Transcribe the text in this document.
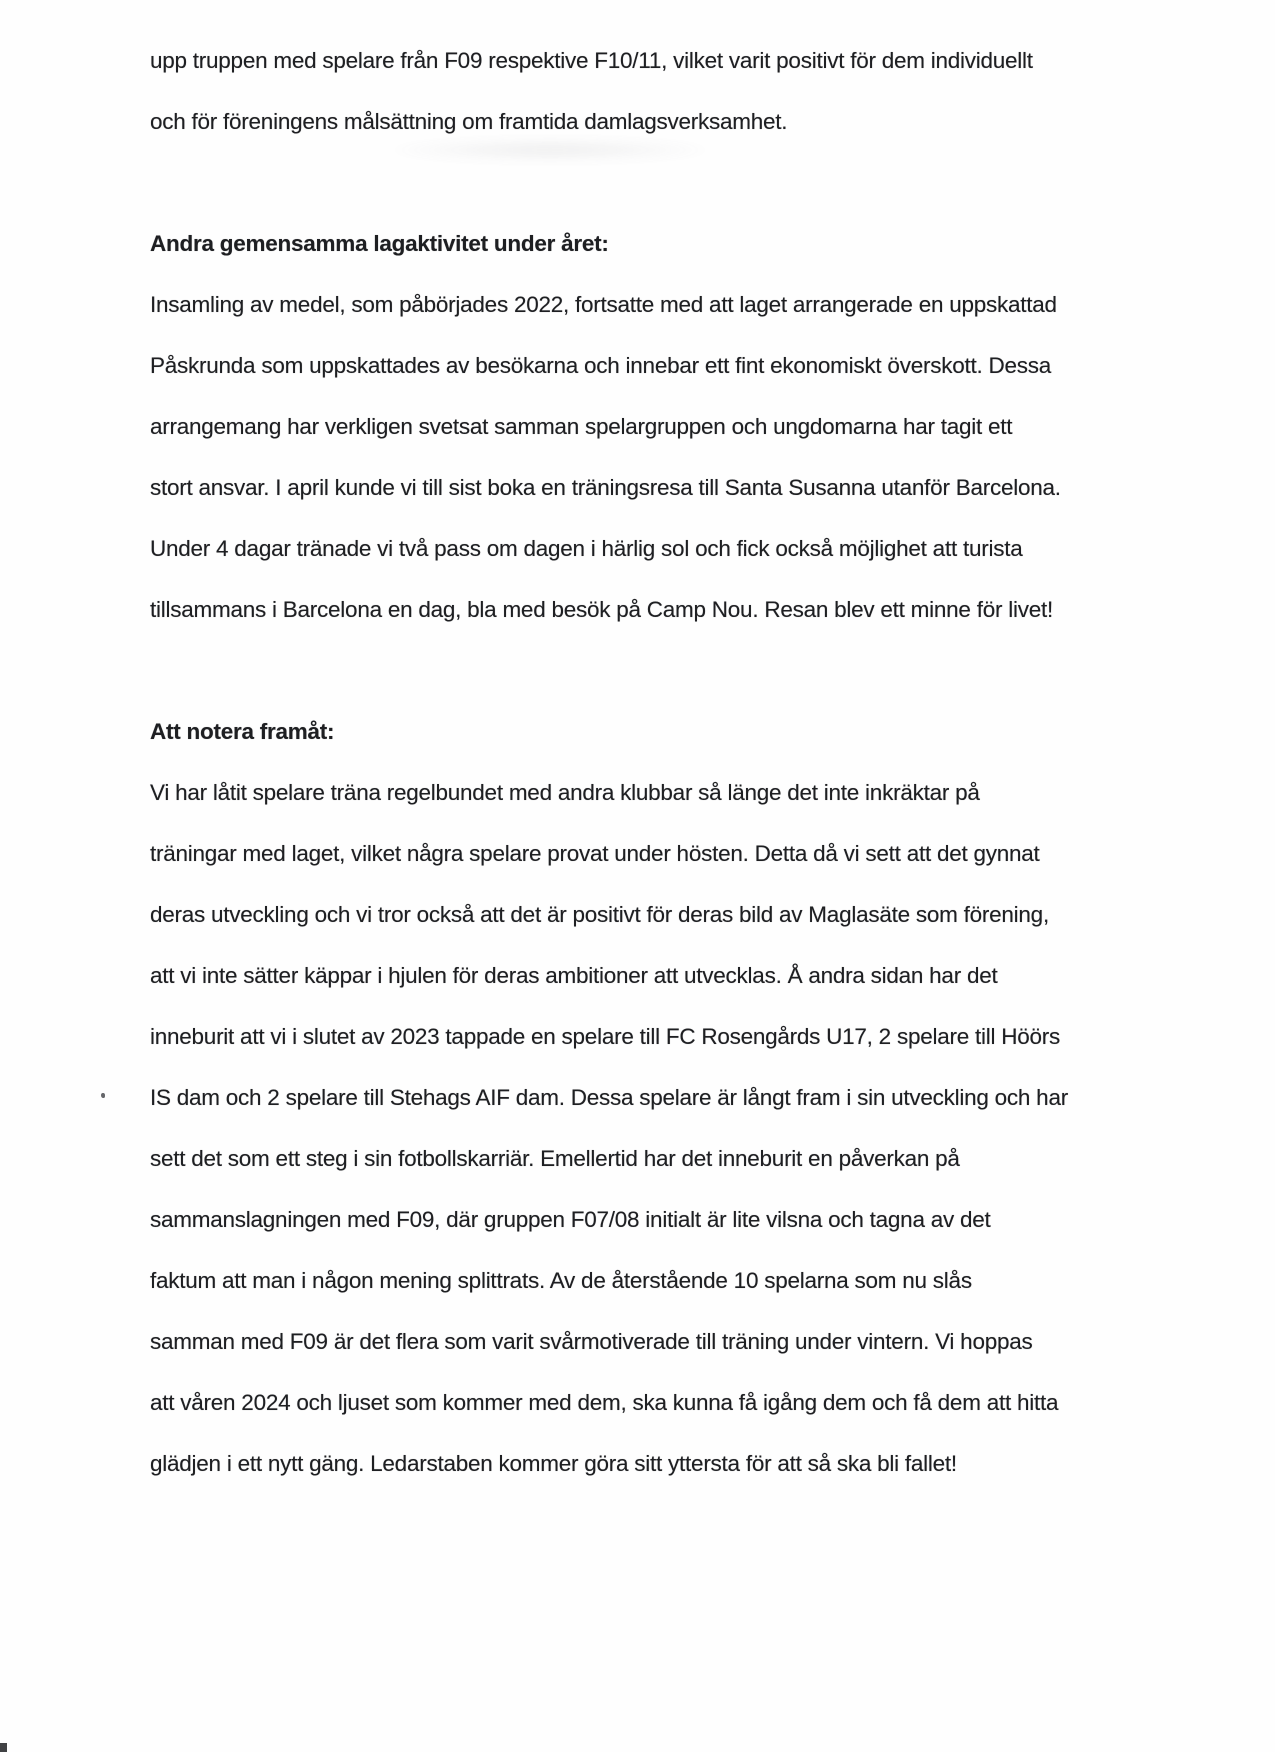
upp truppen med spelare från F09 respektive F10/11, vilket varit positivt för dem individuellt
och för föreningens målsättning om framtida damlagsverksamhet.
Andra gemensamma lagaktivitet under året:
Insamling av medel, som påbörjades 2022, fortsatte med att laget arrangerade en uppskattad
Påskrunda som uppskattades av besökarna och innebar ett fint ekonomiskt överskott. Dessa
arrangemang har verkligen svetsat samman spelargruppen och ungdomarna har tagit ett
stort ansvar. I april kunde vi till sist boka en träningsresa till Santa Susanna utanför Barcelona.
Under 4 dagar tränade vi två pass om dagen i härlig sol och fick också möjlighet att turista
tillsammans i Barcelona en dag, bla med besök på Camp Nou. Resan blev ett minne för livet!
Att notera framåt:
Vi har låtit spelare träna regelbundet med andra klubbar så länge det inte inkräktar på
träningar med laget, vilket några spelare provat under hösten. Detta då vi sett att det gynnat
deras utveckling och vi tror också att det är positivt för deras bild av Maglasäte som förening,
att vi inte sätter käppar i hjulen för deras ambitioner att utvecklas. Å andra sidan har det
inneburit att vi i slutet av 2023 tappade en spelare till FC Rosengårds U17, 2 spelare till Höörs
IS dam och 2 spelare till Stehags AIF dam. Dessa spelare är långt fram i sin utveckling och har
sett det som ett steg i sin fotbollskarriär. Emellertid har det inneburit en påverkan på
sammanslagningen med F09, där gruppen F07/08 initialt är lite vilsna och tagna av det
faktum att man i någon mening splittrats. Av de återstående 10 spelarna som nu slås
samman med F09 är det flera som varit svårmotiverade till träning under vintern. Vi hoppas
att våren 2024 och ljuset som kommer med dem, ska kunna få igång dem och få dem att hitta
glädjen i ett nytt gäng. Ledarstaben kommer göra sitt yttersta för att så ska bli fallet!
